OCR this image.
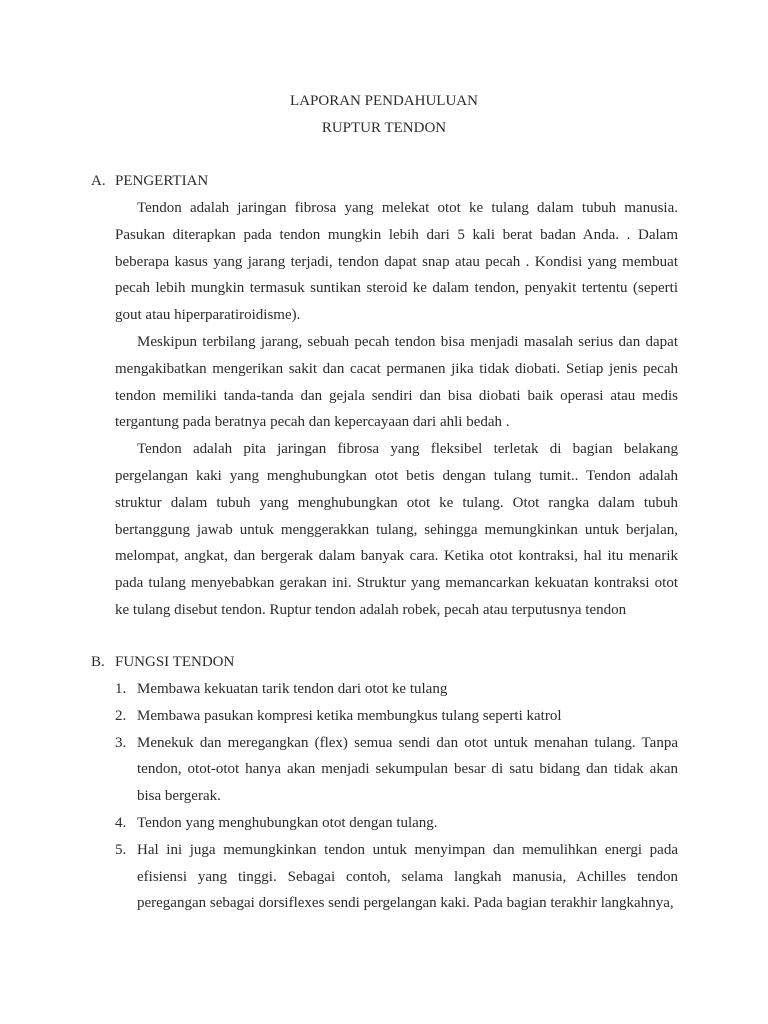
LAPORAN PENDAHULUAN
RUPTUR TENDON
A. PENGERTIAN

Tendon adalah jaringan fibrosa yang melekat otot ke tulang dalam tubuh manusia. Pasukan diterapkan pada tendon mungkin lebih dari 5 kali berat badan Anda. . Dalam beberapa kasus yang jarang terjadi, tendon dapat snap atau pecah . Kondisi yang membuat pecah lebih mungkin termasuk suntikan steroid ke dalam tendon, penyakit tertentu (seperti gout atau hiperparatiroidisme).

Meskipun terbilang jarang, sebuah pecah tendon bisa menjadi masalah serius dan dapat mengakibatkan mengerikan sakit dan cacat permanen jika tidak diobati. Setiap jenis pecah tendon memiliki tanda-tanda dan gejala sendiri dan bisa diobati baik operasi atau medis tergantung pada beratnya pecah dan kepercayaan dari ahli bedah .

Tendon adalah pita jaringan fibrosa yang fleksibel terletak di bagian belakang pergelangan kaki yang menghubungkan otot betis dengan tulang tumit.. Tendon adalah struktur dalam tubuh yang menghubungkan otot ke tulang. Otot rangka dalam tubuh bertanggung jawab untuk menggerakkan tulang, sehingga memungkinkan untuk berjalan, melompat, angkat, dan bergerak dalam banyak cara. Ketika otot kontraksi, hal itu menarik pada tulang menyebabkan gerakan ini. Struktur yang memancarkan kekuatan kontraksi otot ke tulang disebut tendon. Ruptur tendon adalah robek, pecah atau terputusnya tendon

B. FUNGSI TENDON
1. Membawa kekuatan tarik tendon dari otot ke tulang
2. Membawa pasukan kompresi ketika membungkus tulang seperti katrol
3. Menekuk dan meregangkan (flex) semua sendi dan otot untuk menahan tulang. Tanpa tendon, otot-otot hanya akan menjadi sekumpulan besar di satu bidang dan tidak akan bisa bergerak.
4. Tendon yang menghubungkan otot dengan tulang.
5. Hal ini juga memungkinkan tendon untuk menyimpan dan memulihkan energi pada efisiensi yang tinggi. Sebagai contoh, selama langkah manusia, Achilles tendon peregangan sebagai dorsiflexes sendi pergelangan kaki. Pada bagian terakhir langkahnya,
